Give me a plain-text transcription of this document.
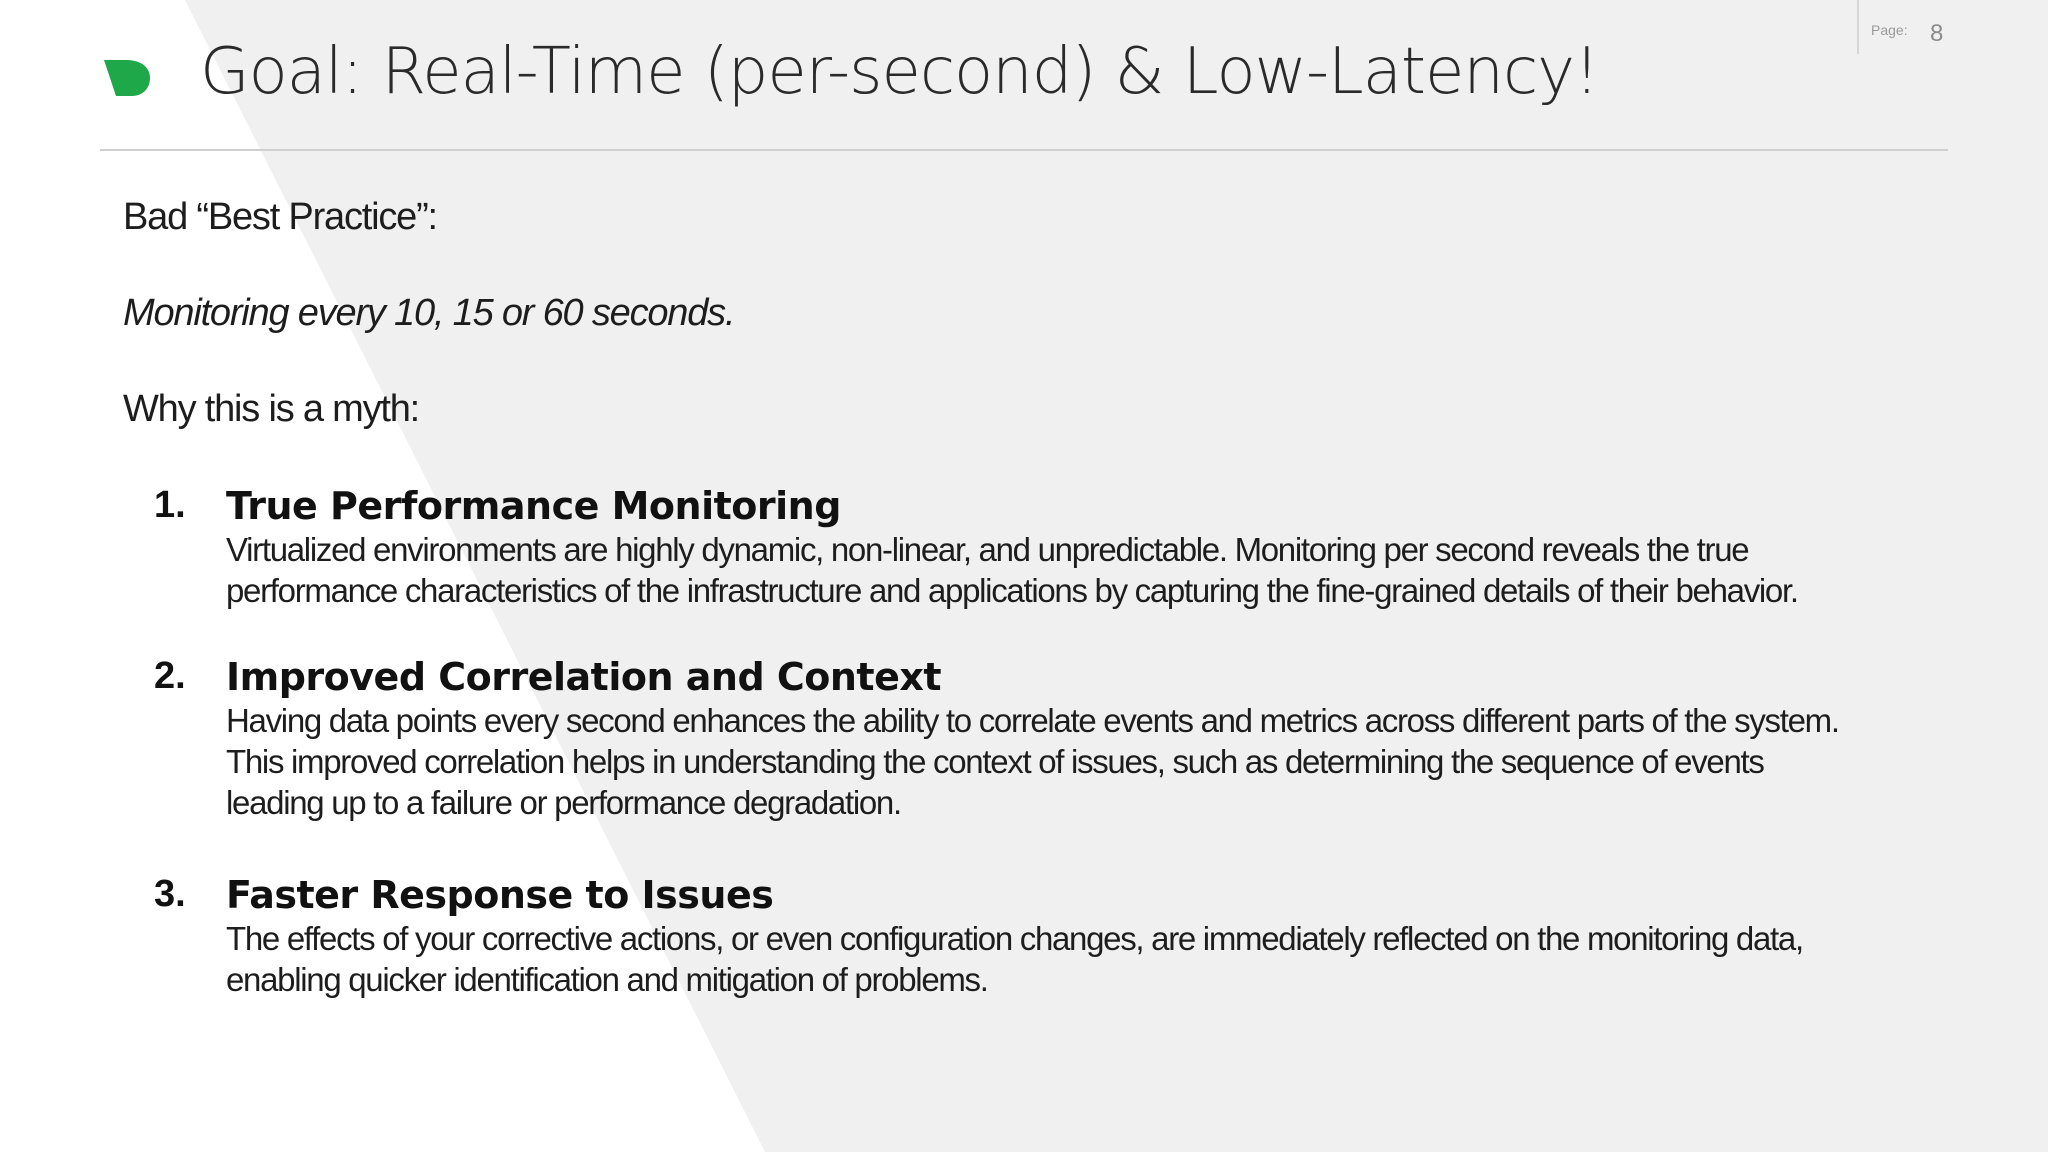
Goal: Real-Time (per-second) & Low-Latency!
Page: 8

Bad “Best Practice”:

Monitoring every 10, 15 or 60 seconds.

Why this is a myth:

1. True Performance Monitoring
Virtualized environments are highly dynamic, non-linear, and unpredictable. Monitoring per second reveals the true
performance characteristics of the infrastructure and applications by capturing the fine-grained details of their behavior.
2. Improved Correlation and Context
Having data points every second enhances the ability to correlate events and metrics across different parts of the system.
This improved correlation helps in understanding the context of issues, such as determining the sequence of events
leading up to a failure or performance degradation.
3. Faster Response to Issues
The effects of your corrective actions, or even configuration changes, are immediately reflected on the monitoring data,
enabling quicker identification and mitigation of problems.
